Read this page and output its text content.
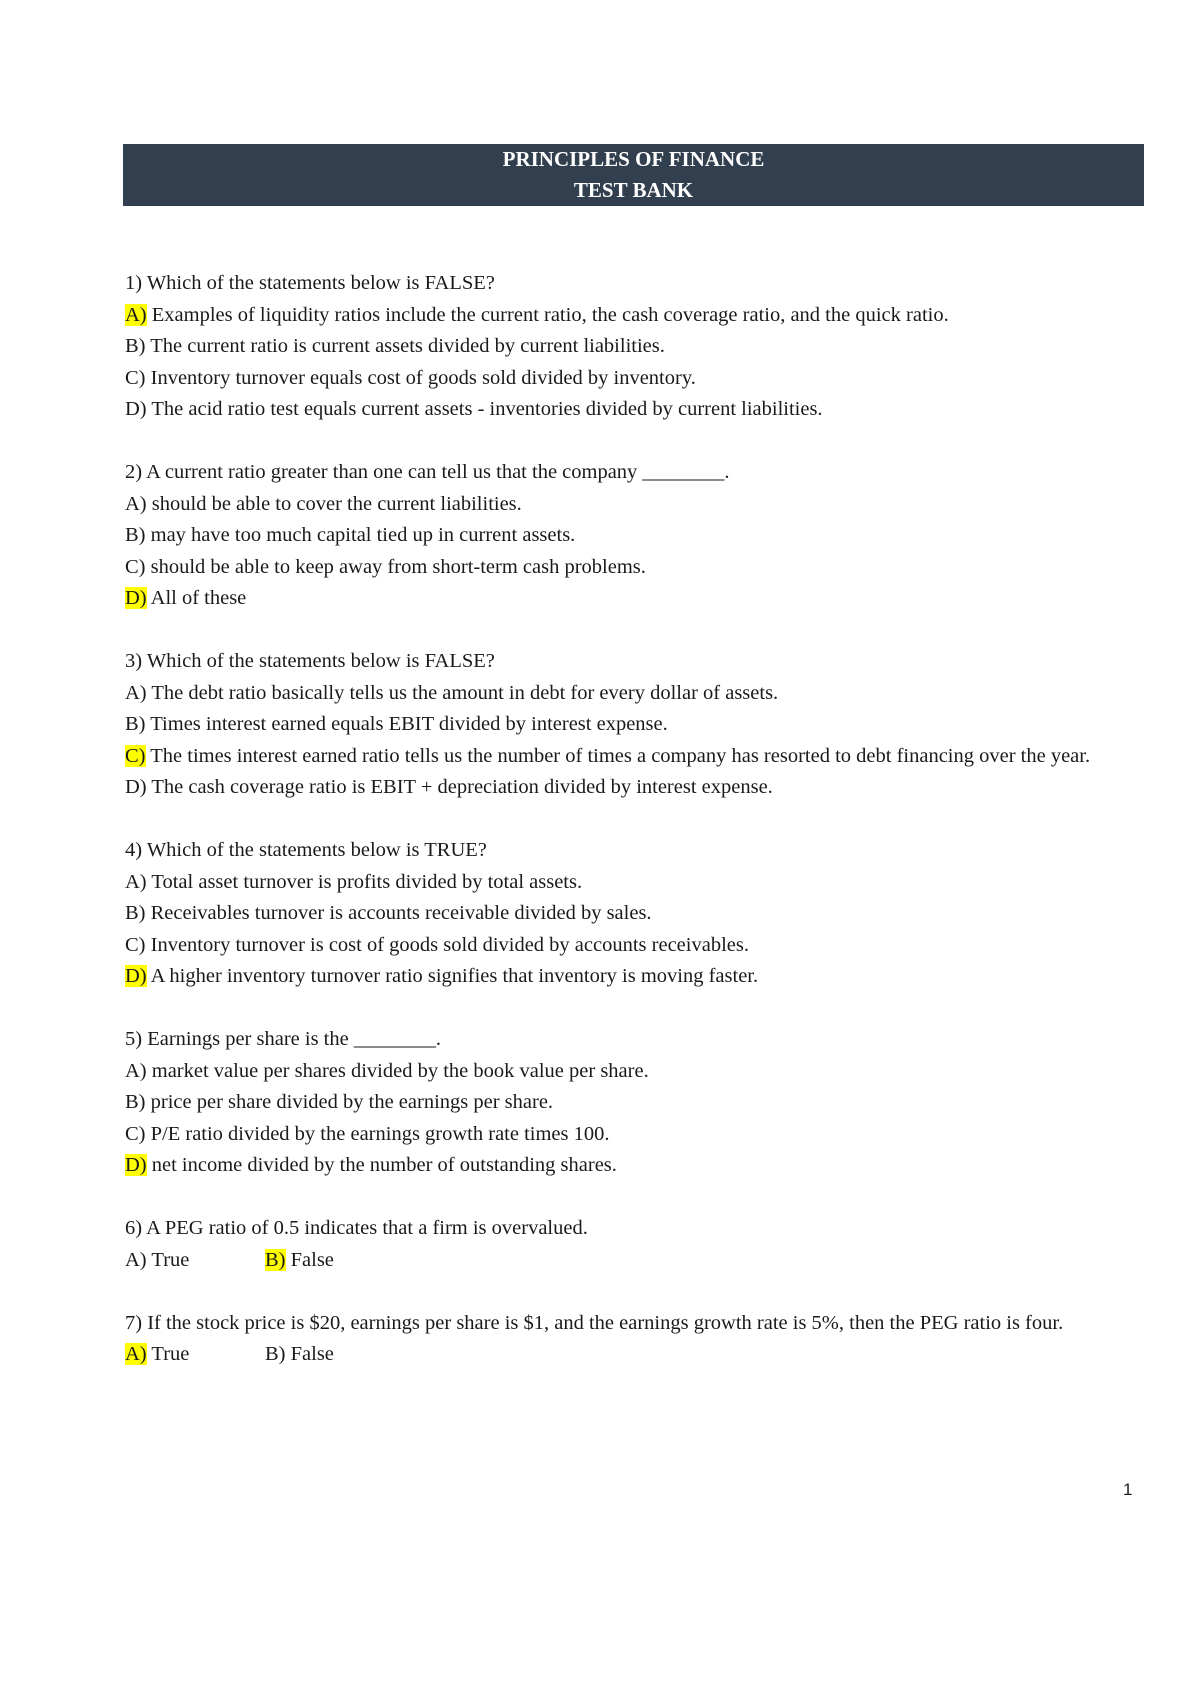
PRINCIPLES OF FINANCE
TEST BANK
1) Which of the statements below is FALSE?
A) Examples of liquidity ratios include the current ratio, the cash coverage ratio, and the quick ratio.
B) The current ratio is current assets divided by current liabilities.
C) Inventory turnover equals cost of goods sold divided by inventory.
D) The acid ratio test equals current assets - inventories divided by current liabilities.
2) A current ratio greater than one can tell us that the company ________.
A) should be able to cover the current liabilities.
B) may have too much capital tied up in current assets.
C) should be able to keep away from short-term cash problems.
D) All of these
3) Which of the statements below is FALSE?
A) The debt ratio basically tells us the amount in debt for every dollar of assets.
B) Times interest earned equals EBIT divided by interest expense.
C) The times interest earned ratio tells us the number of times a company has resorted to debt financing over the year.
D) The cash coverage ratio is EBIT + depreciation divided by interest expense.
4) Which of the statements below is TRUE?
A) Total asset turnover is profits divided by total assets.
B) Receivables turnover is accounts receivable divided by sales.
C) Inventory turnover is cost of goods sold divided by accounts receivables.
D) A higher inventory turnover ratio signifies that inventory is moving faster.
5) Earnings per share is the ________.
A) market value per shares divided by the book value per share.
B) price per share divided by the earnings per share.
C) P/E ratio divided by the earnings growth rate times 100.
D) net income divided by the number of outstanding shares.
6) A PEG ratio of 0.5 indicates that a firm is overvalued.
A) True	B) False
7) If the stock price is $20, earnings per share is $1, and the earnings growth rate is 5%, then the PEG ratio is four.
A) True	B) False
1
